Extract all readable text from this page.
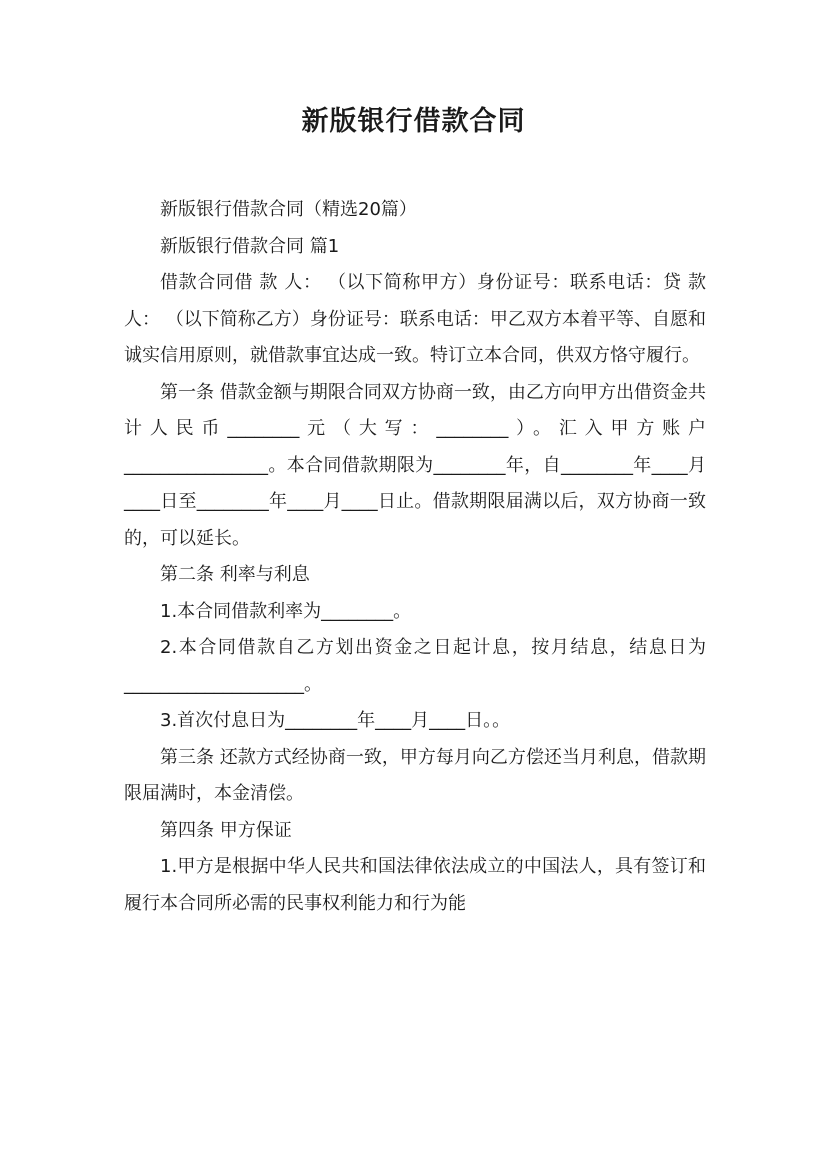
新版银行借款合同

新版银行借款合同（精选20篇）

新版银行借款合同 篇1

借款合同借 款 人： （以下简称甲方）身份证号：联系电话：贷 款 人： （以下简称乙方）身份证号：联系电话：甲乙双方本着平等、自愿和诚实信用原则，就借款事宜达成一致。特订立本合同，供双方恪守履行。

第一条 借款金额与期限合同双方协商一致，由乙方向甲方出借资金共计人民币________元（大写：________）。汇入甲方账户________________。本合同借款期限为________年，自________年____月____日至________年____月____日止。借款期限届满以后，双方协商一致的，可以延长。

第二条 利率与利息

1.本合同借款利率为________。

2.本合同借款自乙方划出资金之日起计息，按月结息，结息日为____________________。

3.首次付息日为________年____月____日。。

第三条 还款方式经协商一致，甲方每月向乙方偿还当月利息，借款期限届满时，本金清偿。

第四条 甲方保证

1.甲方是根据中华人民共和国法律依法成立的中国法人，具有签订和履行本合同所必需的民事权利能力和行为能
